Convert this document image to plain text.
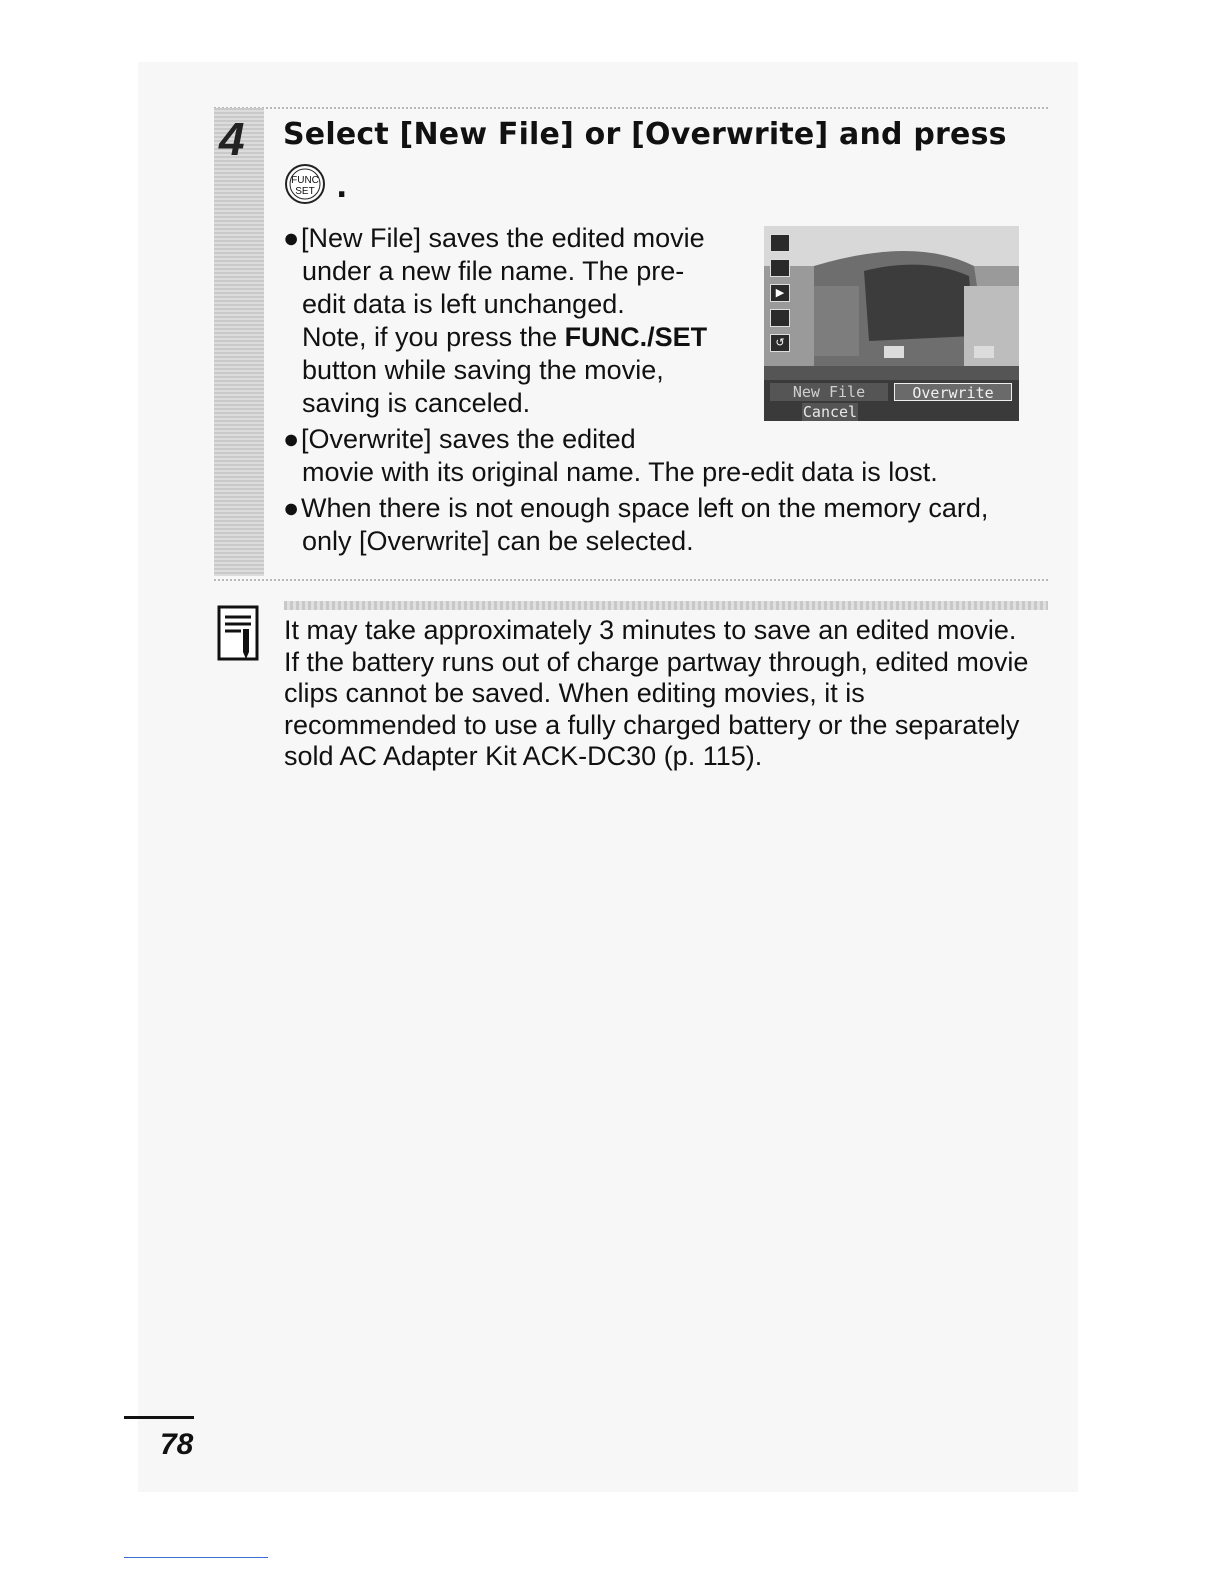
4 Select [New File] or [Overwrite] and press
FUNC
SET .
●[New File] saves the edited movie
under a new file name. The pre-
edit data is left unchanged.
Note, if you press the FUNC./SET
button while saving the movie,
saving is canceled.
●[Overwrite] saves the edited
movie with its original name. The pre-edit data is lost.
●When there is not enough space left on the memory card,
only [Overwrite] can be selected.
▶
↺
New File	Overwrite
Cancel
It may take approximately 3 minutes to save an edited movie.
If the battery runs out of charge partway through, edited movie
clips cannot be saved. When editing movies, it is
recommended to use a fully charged battery or the separately
sold AC Adapter Kit ACK-DC30 (p. 115).
78
